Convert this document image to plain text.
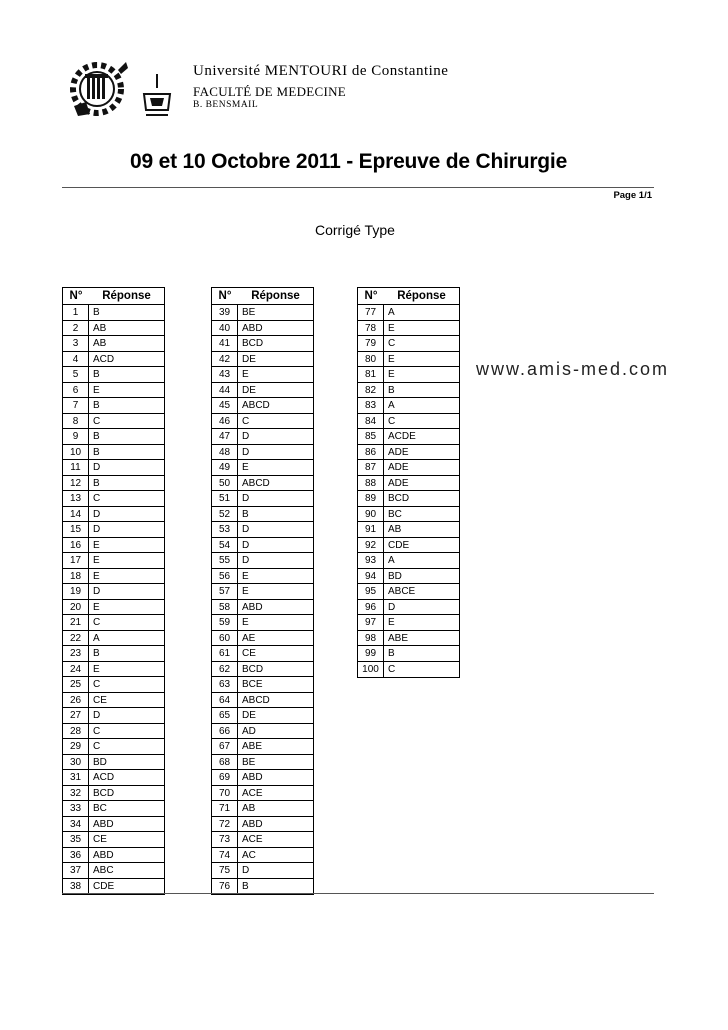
Université MENTOURI de Constantine
FACULTÉ DE MEDECINE
B. BENSMAIL
09 et 10 Octobre 2011 - Epreuve de Chirurgie
Page 1/1
Corrigé Type
www.amis-med.com
N°	Réponse
1	B
2	AB
3	AB
4	ACD
5	B
6	E
7	B
8	C
9	B
10	B
11	D
12	B
13	C
14	D
15	D
16	E
17	E
18	E
19	D
20	E
21	C
22	A
23	B
24	E
25	C
26	CE
27	D
28	C
29	C
30	BD
31	ACD
32	BCD
33	BC
34	ABD
35	CE
36	ABD
37	ABC
38	CDE
N°	Réponse
39	BE
40	ABD
41	BCD
42	DE
43	E
44	DE
45	ABCD
46	C
47	D
48	D
49	E
50	ABCD
51	D
52	B
53	D
54	D
55	D
56	E
57	E
58	ABD
59	E
60	AE
61	CE
62	BCD
63	BCE
64	ABCD
65	DE
66	AD
67	ABE
68	BE
69	ABD
70	ACE
71	AB
72	ABD
73	ACE
74	AC
75	D
76	B
N°	Réponse
77	A
78	E
79	C
80	E
81	E
82	B
83	A
84	C
85	ACDE
86	ADE
87	ADE
88	ADE
89	BCD
90	BC
91	AB
92	CDE
93	A
94	BD
95	ABCE
96	D
97	E
98	ABE
99	B
100 C
